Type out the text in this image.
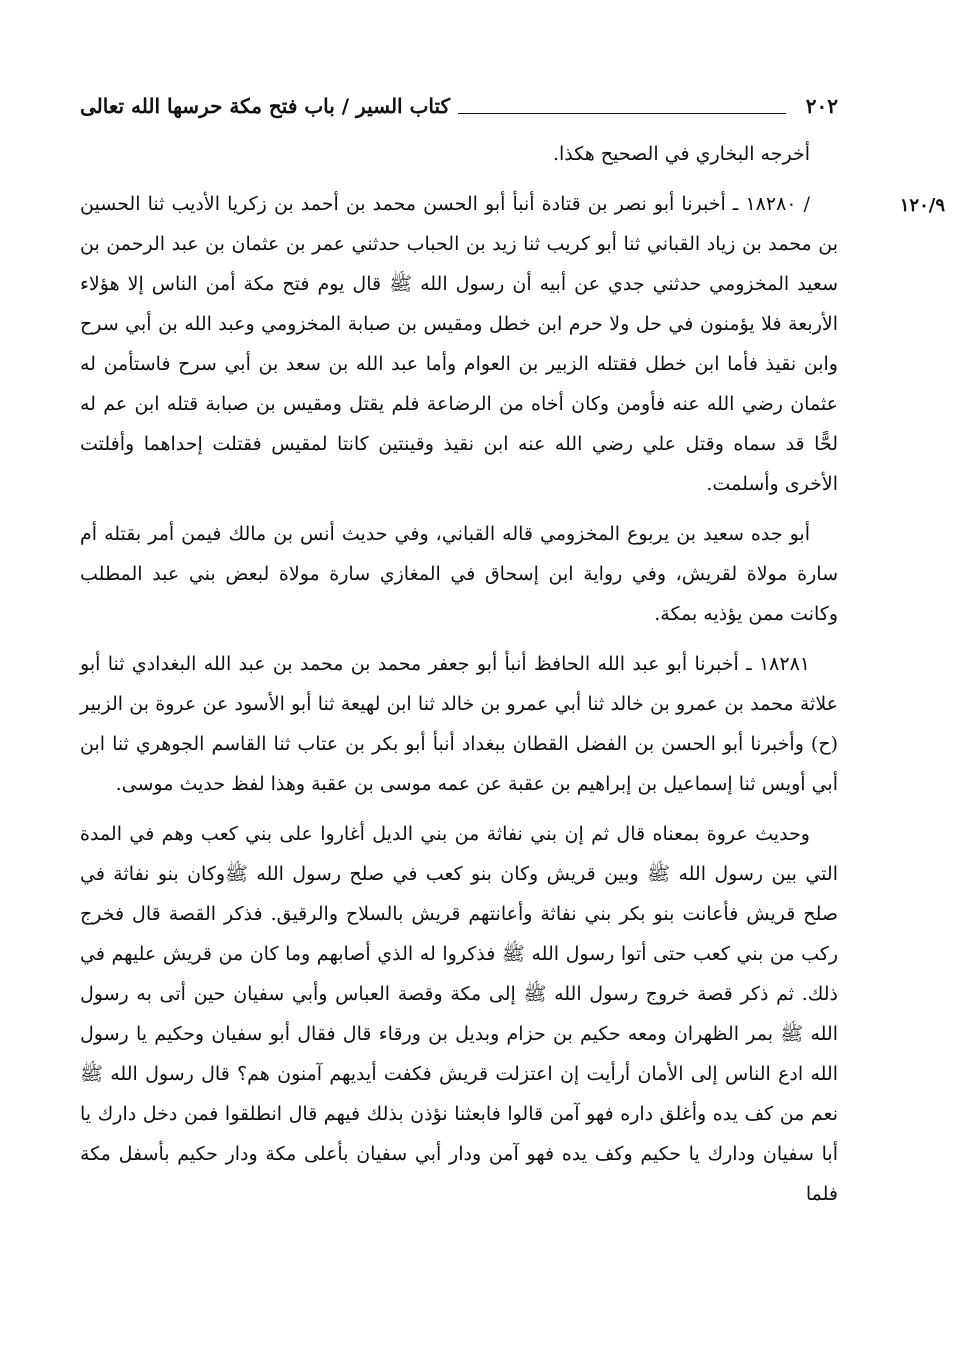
٢٠٢
كتاب السير / باب فتح مكة حرسها الله تعالى
١٢٠/٩

أخرجه البخاري في الصحيح هكذا.

/ ١٨٢٨٠ ـ أخبرنا أبو نصر بن قتادة أنبأ أبو الحسن محمد بن أحمد بن زكريا الأديب ثنا الحسين بن محمد بن زياد القباني ثنا أبو كريب ثنا زيد بن الحباب حدثني عمر بن عثمان بن عبد الرحمن بن سعيد المخزومي حدثني جدي عن أبيه أن رسول الله ﷺ قال يوم فتح مكة أمن الناس إلا هؤلاء الأربعة فلا يؤمنون في حل ولا حرم ابن خطل ومقيس بن صبابة المخزومي وعبد الله بن أبي سرح وابن نقيذ فأما ابن خطل فقتله الزبير بن العوام وأما عبد الله بن سعد بن أبي سرح فاستأمن له عثمان رضي الله عنه فأومن وكان أخاه من الرضاعة فلم يقتل ومقيس بن صبابة قتله ابن عم له لحًّا قد سماه وقتل علي رضي الله عنه ابن نقيذ وقينتين كانتا لمقيس فقتلت إحداهما وأفلتت الأخرى وأسلمت.

أبو جده سعيد بن يربوع المخزومي قاله القباني، وفي حديث أنس بن مالك فيمن أمر بقتله أم سارة مولاة لقريش، وفي رواية ابن إسحاق في المغازي سارة مولاة لبعض بني عبد المطلب وكانت ممن يؤذيه بمكة.

١٨٢٨١ ـ أخبرنا أبو عبد الله الحافظ أنبأ أبو جعفر محمد بن محمد بن عبد الله البغدادي ثنا أبو علاثة محمد بن عمرو بن خالد ثنا أبي عمرو بن خالد ثنا ابن لهيعة ثنا أبو الأسود عن عروة بن الزبير (ح) وأخبرنا أبو الحسن بن الفضل القطان ببغداد أنبأ أبو بكر بن عتاب ثنا القاسم الجوهري ثنا ابن أبي أويس ثنا إسماعيل بن إبراهيم بن عقبة عن عمه موسى بن عقبة وهذا لفظ حديث موسى.

وحديث عروة بمعناه قال ثم إن بني نفاثة من بني الديل أغاروا على بني كعب وهم في المدة التي بين رسول الله ﷺ وبين قريش وكان بنو كعب في صلح رسول الله ﷺوكان بنو نفاثة في صلح قريش فأعانت بنو بكر بني نفاثة وأعانتهم قريش بالسلاح والرقيق. فذكر القصة قال فخرج ركب من بني كعب حتى أتوا رسول الله ﷺ فذكروا له الذي أصابهم وما كان من قريش عليهم في ذلك. ثم ذكر قصة خروج رسول الله ﷺ إلى مكة وقصة العباس وأبي سفيان حين أتى به رسول الله ﷺ بمر الظهران ومعه حكيم بن حزام وبديل بن ورقاء قال فقال أبو سفيان وحكيم يا رسول الله ادع الناس إلى الأمان أرأيت إن اعتزلت قريش فكفت أيديهم آمنون هم؟ قال رسول الله ﷺ نعم من كف يده وأغلق داره فهو آمن قالوا فابعثنا نؤذن بذلك فيهم قال انطلقوا فمن دخل دارك يا أبا سفيان ودارك يا حكيم وكف يده فهو آمن ودار أبي سفيان بأعلى مكة ودار حكيم بأسفل مكة فلما
